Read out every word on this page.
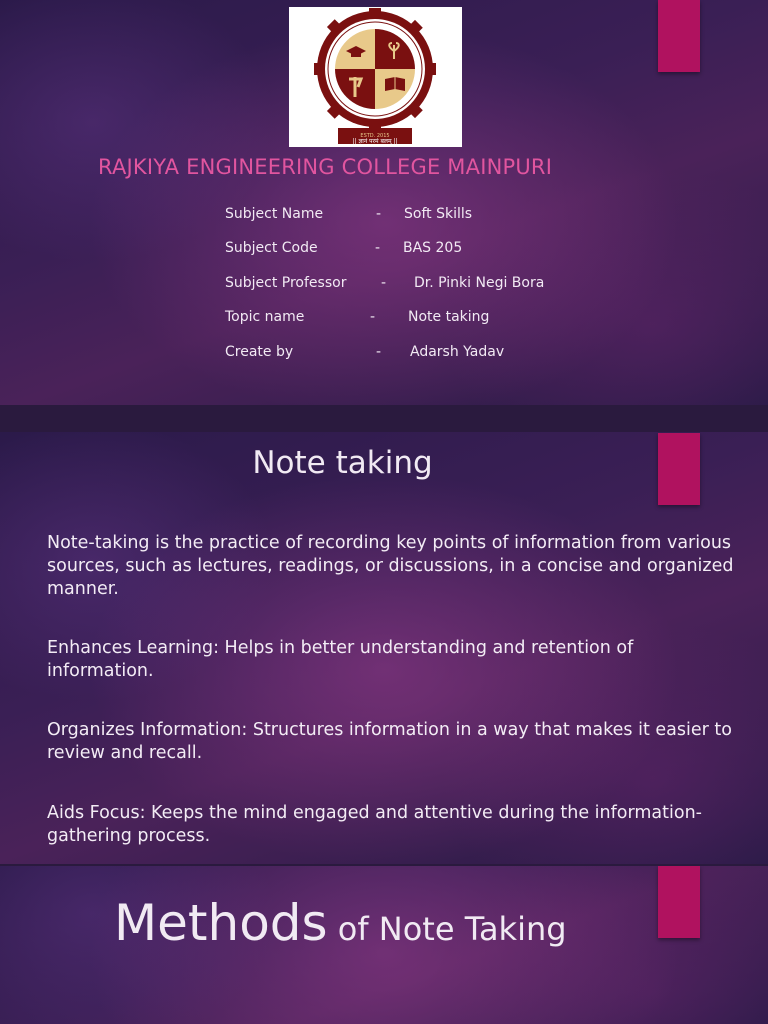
ESTD. 2015
|| ज्ञानं परमं बलम् ||
RAJKIYA ENGINEERING COLLEGE MAINPURI
Subject Name	- Soft Skills
Subject Code	- BAS 205
Subject Professor - Dr. Pinki Negi Bora
Topic name	- Note taking
Create by	- Adarsh Yadav
Note taking
Note-taking is the practice of recording key points of information from various sources, such as lectures, readings, or discussions, in a concise and organized manner.
Enhances Learning: Helps in better understanding and retention of information.
Organizes Information: Structures information in a way that makes it easier to review and recall.
Aids Focus: Keeps the mind engaged and attentive during the information-gathering process.
Methods of Note Taking
